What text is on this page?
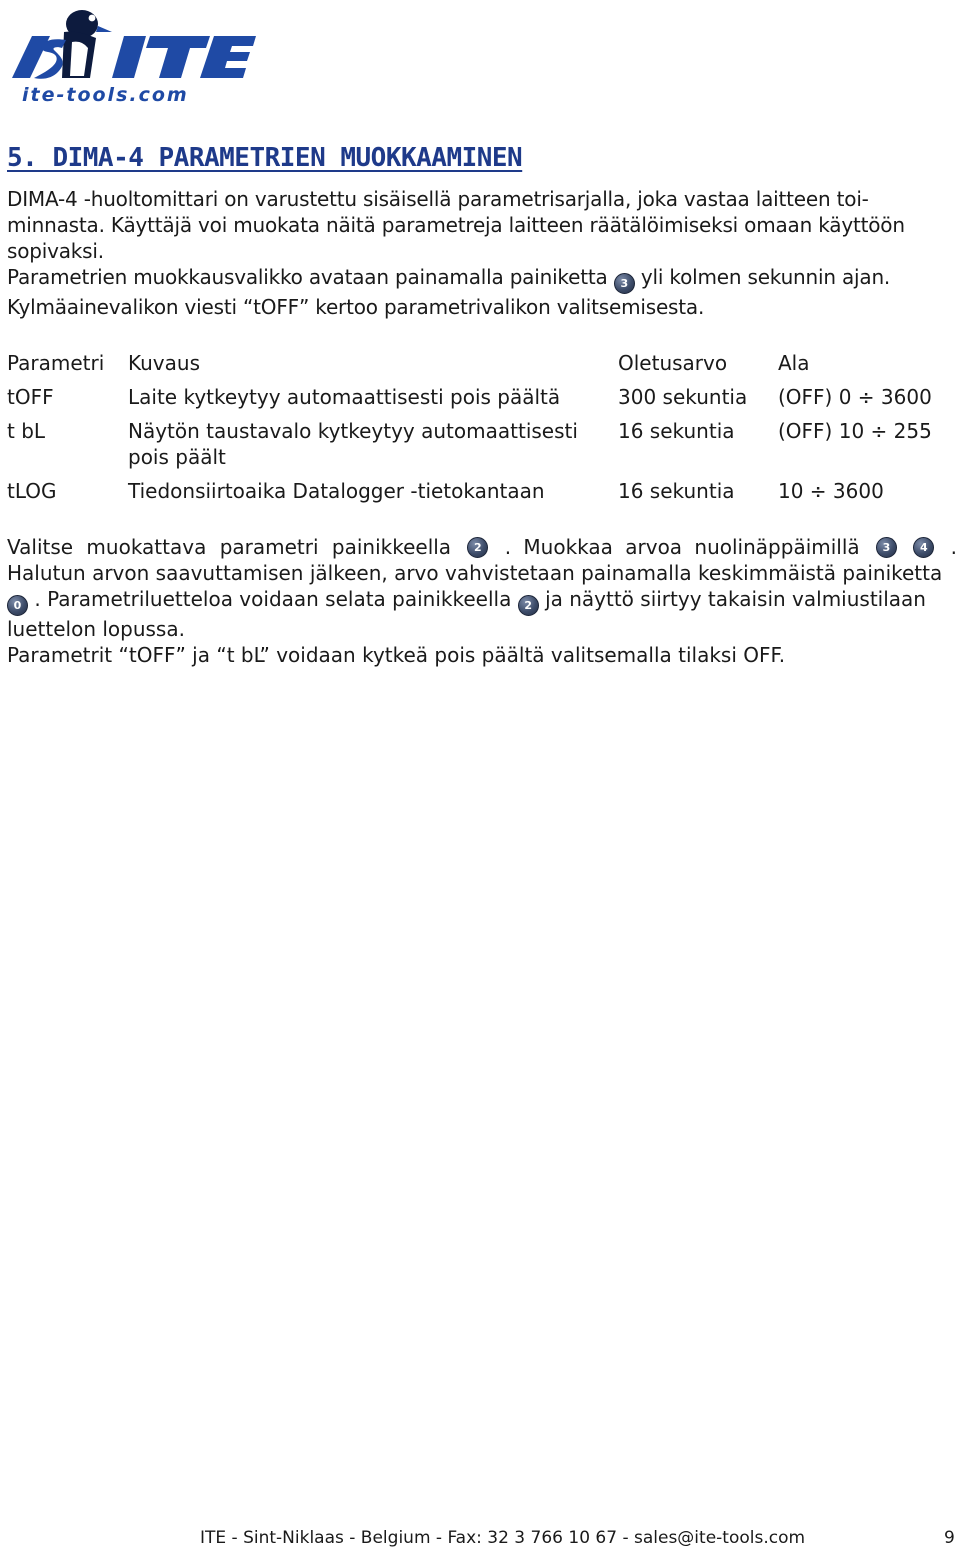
ite-tools.com
5. DIMA-4 PARAMETRIEN MUOKKAAMINEN
DIMA-4 -huoltomittari on varustettu sisäisellä parametrisarjalla, joka vastaa laitteen toi-
minnasta. Käyttäjä voi muokata näitä parametreja laitteen räätälöimiseksi omaan käyttöön
sopivaksi.
Parametrien muokkausvalikko avataan painamalla painiketta 3 yli kolmen sekunnin ajan.
Kylmäainevalikon viesti “tOFF” kertoo parametrivalikon valitsemisesta.
Parametri	Kuvaus	Oletusarvo	Ala
tOFF	Laite kytkeytyy automaattisesti pois päältä	300 sekuntia	(OFF) 0 ÷ 3600
t bL	Näytön taustavalo kytkeytyy automaattisesti pois päält	16 sekuntia	(OFF) 10 ÷ 255
tLOG	Tiedonsiirtoaika Datalogger -tietokantaan	16 sekuntia	10 ÷ 3600
Valitse muokattava parametri painikkeella	2	. Muokkaa arvoa nuolinäppäimillä	3	4	.
Halutun arvon saavuttamisen jälkeen, arvo vahvistetaan painamalla keskimmäistä painiketta
0 . Parametriluetteloa voidaan selata painikkeella 2 ja näyttö siirtyy takaisin valmiustilaan
luettelon lopussa.
Parametrit “tOFF” ja “t bL” voidaan kytkeä pois päältä valitsemalla tilaksi OFF.
ITE - Sint-Niklaas - Belgium - Fax: 32 3 766 10 67 - sales@ite-tools.com	9
